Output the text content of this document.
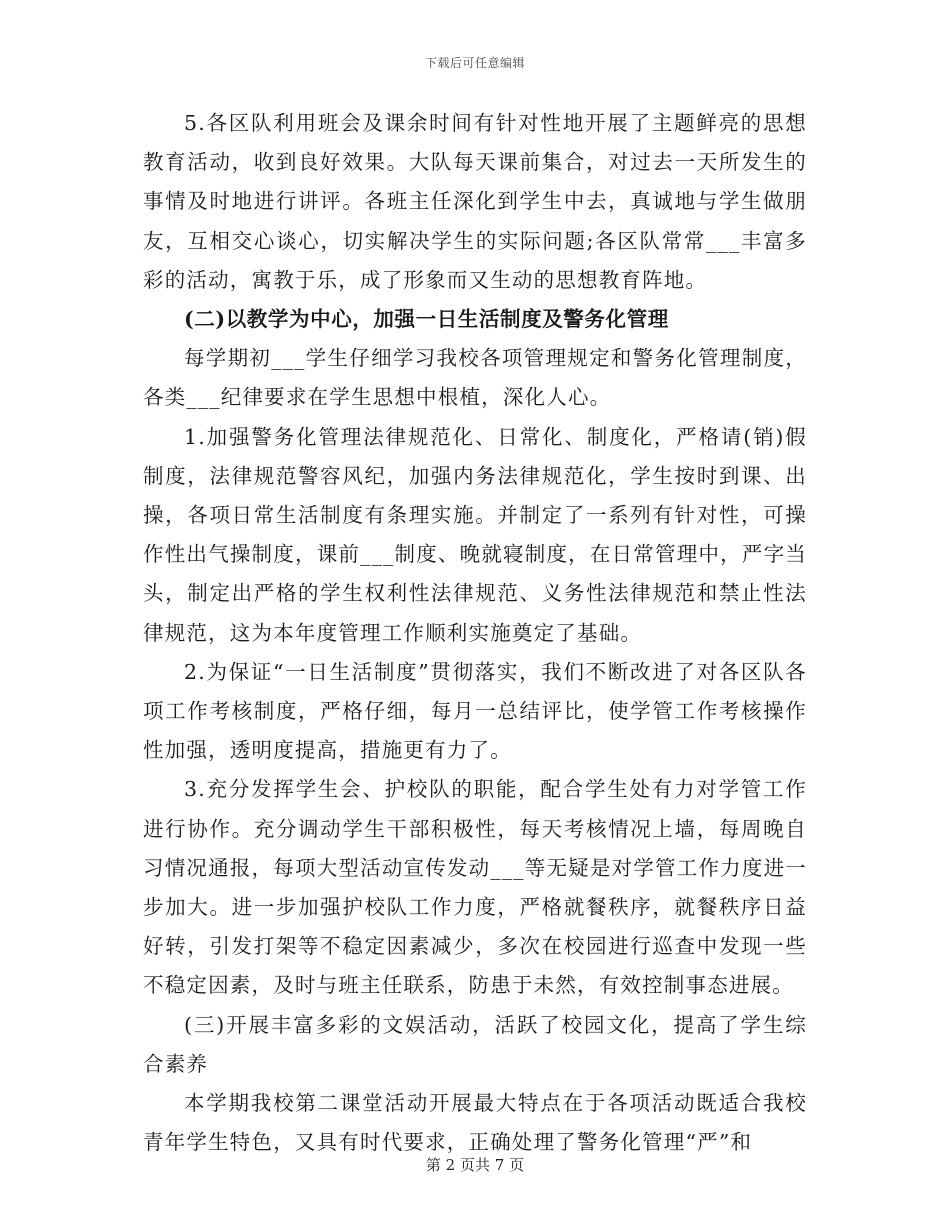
下载后可任意编辑

5.各区队利用班会及课余时间有针对性地开展了主题鲜亮的思想教育活动，收到良好效果。大队每天课前集合，对过去一天所发生的事情及时地进行讲评。各班主任深化到学生中去，真诚地与学生做朋友，互相交心谈心，切实解决学生的实际问题;各区队常常___丰富多彩的活动，寓教于乐，成了形象而又生动的思想教育阵地。

(二)以教学为中心，加强一日生活制度及警务化管理

每学期初___学生仔细学习我校各项管理规定和警务化管理制度，各类___纪律要求在学生思想中根植，深化人心。

1.加强警务化管理法律规范化、日常化、制度化，严格请(销)假制度，法律规范警容风纪，加强内务法律规范化，学生按时到课、出操，各项日常生活制度有条理实施。并制定了一系列有针对性，可操作性出气操制度，课前___制度、晚就寝制度，在日常管理中，严字当头，制定出严格的学生权利性法律规范、义务性法律规范和禁止性法律规范，这为本年度管理工作顺利实施奠定了基础。

2.为保证“一日生活制度”贯彻落实，我们不断改进了对各区队各项工作考核制度，严格仔细，每月一总结评比，使学管工作考核操作性加强，透明度提高，措施更有力了。

3.充分发挥学生会、护校队的职能，配合学生处有力对学管工作进行协作。充分调动学生干部积极性，每天考核情况上墙，每周晚自习情况通报，每项大型活动宣传发动___等无疑是对学管工作力度进一步加大。进一步加强护校队工作力度，严格就餐秩序，就餐秩序日益好转，引发打架等不稳定因素减少，多次在校园进行巡查中发现一些不稳定因素，及时与班主任联系，防患于未然，有效控制事态进展。

(三)开展丰富多彩的文娱活动，活跃了校园文化，提高了学生综合素养

本学期我校第二课堂活动开展最大特点在于各项活动既适合我校青年学生特色，又具有时代要求，正确处理了警务化管理“严”和

第 2 页共 7 页
